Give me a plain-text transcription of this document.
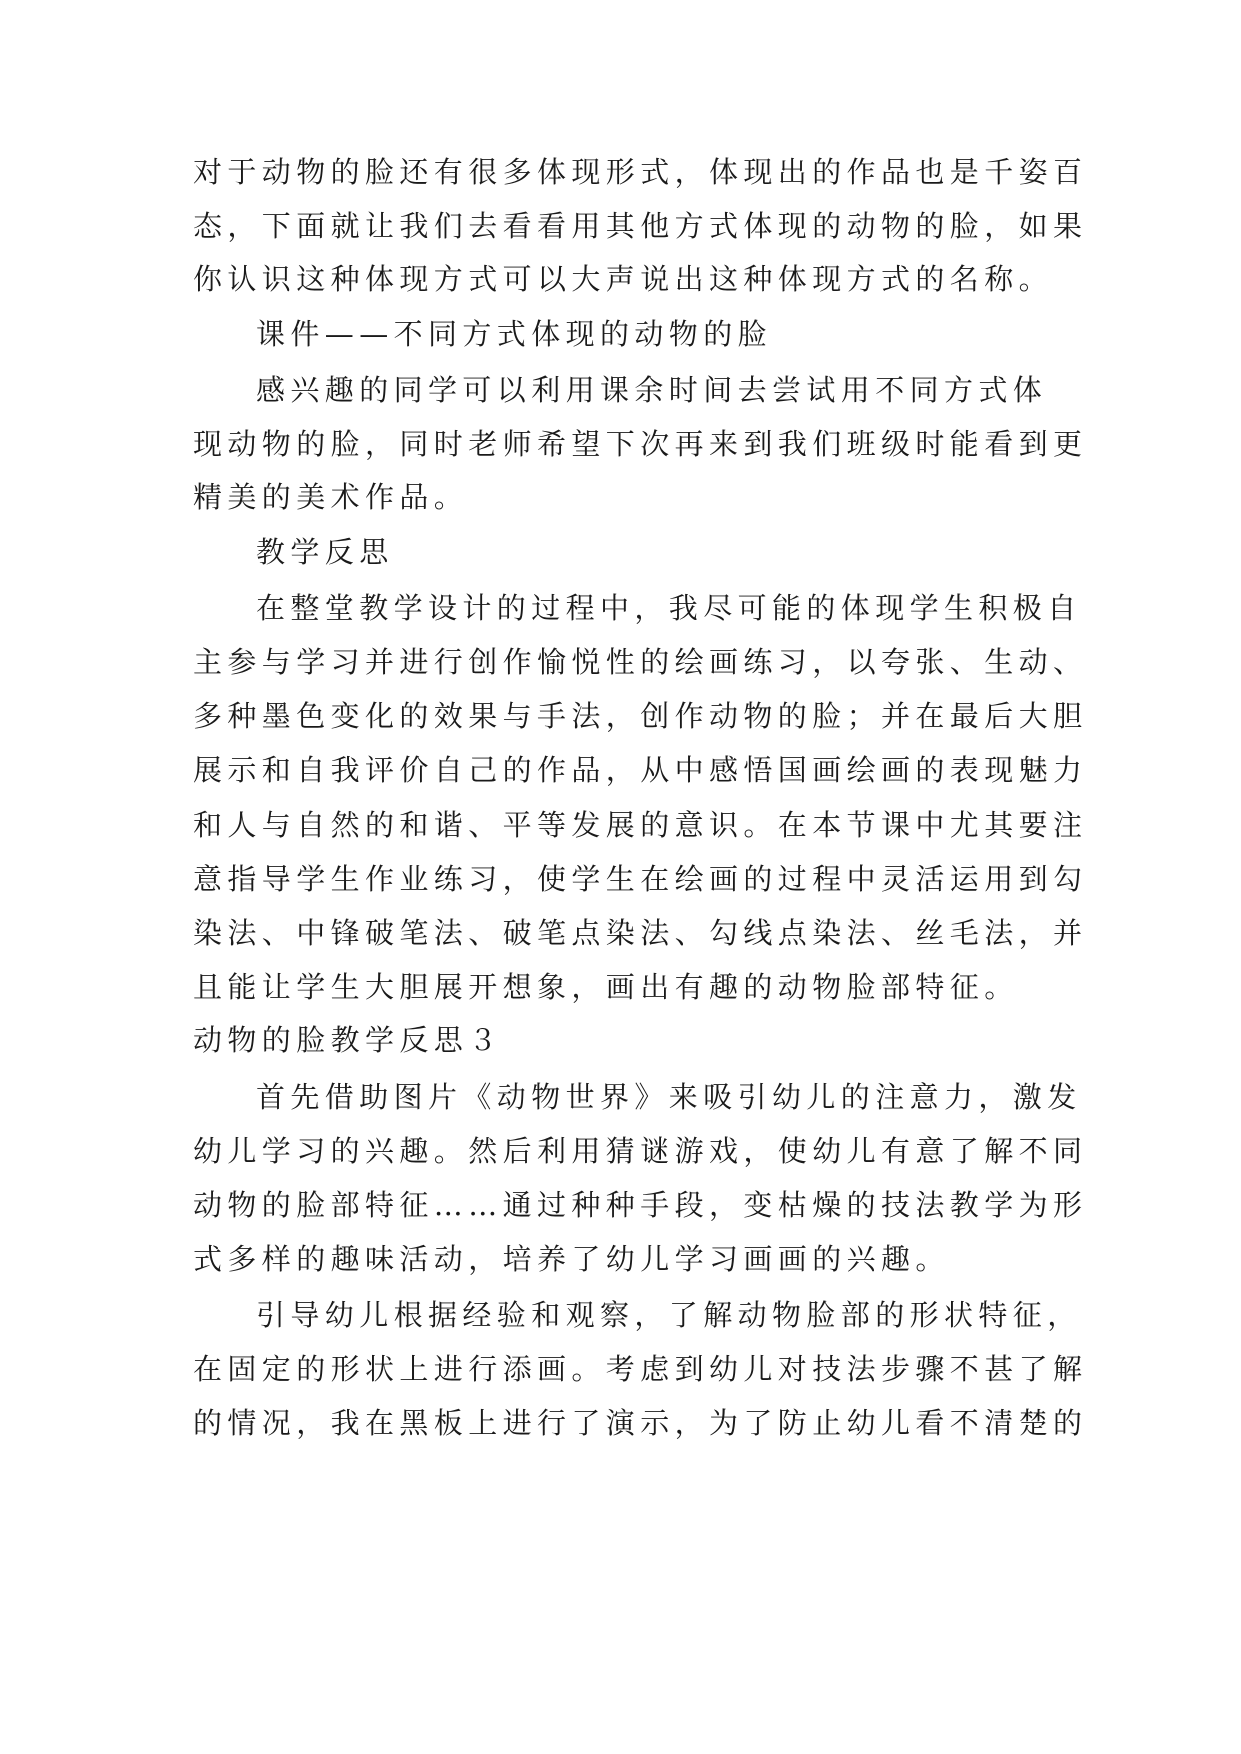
对于动物的脸还有很多体现形式，体现出的作品也是千姿百
态，下面就让我们去看看用其他方式体现的动物的脸，如果
你认识这种体现方式可以大声说出这种体现方式的名称。
课件——不同方式体现的动物的脸
感兴趣的同学可以利用课余时间去尝试用不同方式体
现动物的脸，同时老师希望下次再来到我们班级时能看到更
精美的美术作品。
教学反思
在整堂教学设计的过程中，我尽可能的体现学生积极自
主参与学习并进行创作愉悦性的绘画练习，以夸张、生动、
多种墨色变化的效果与手法，创作动物的脸；并在最后大胆
展示和自我评价自己的作品，从中感悟国画绘画的表现魅力
和人与自然的和谐、平等发展的意识。在本节课中尤其要注
意指导学生作业练习，使学生在绘画的过程中灵活运用到勾
染法、中锋破笔法、破笔点染法、勾线点染法、丝毛法，并
且能让学生大胆展开想象，画出有趣的动物脸部特征。
动物的脸教学反思３
首先借助图片《动物世界》来吸引幼儿的注意力，激发
幼儿学习的兴趣。然后利用猜谜游戏，使幼儿有意了解不同
动物的脸部特征……通过种种手段，变枯燥的技法教学为形
式多样的趣味活动，培养了幼儿学习画画的兴趣。
引导幼儿根据经验和观察，了解动物脸部的形状特征，
在固定的形状上进行添画。考虑到幼儿对技法步骤不甚了解
的情况，我在黑板上进行了演示，为了防止幼儿看不清楚的
